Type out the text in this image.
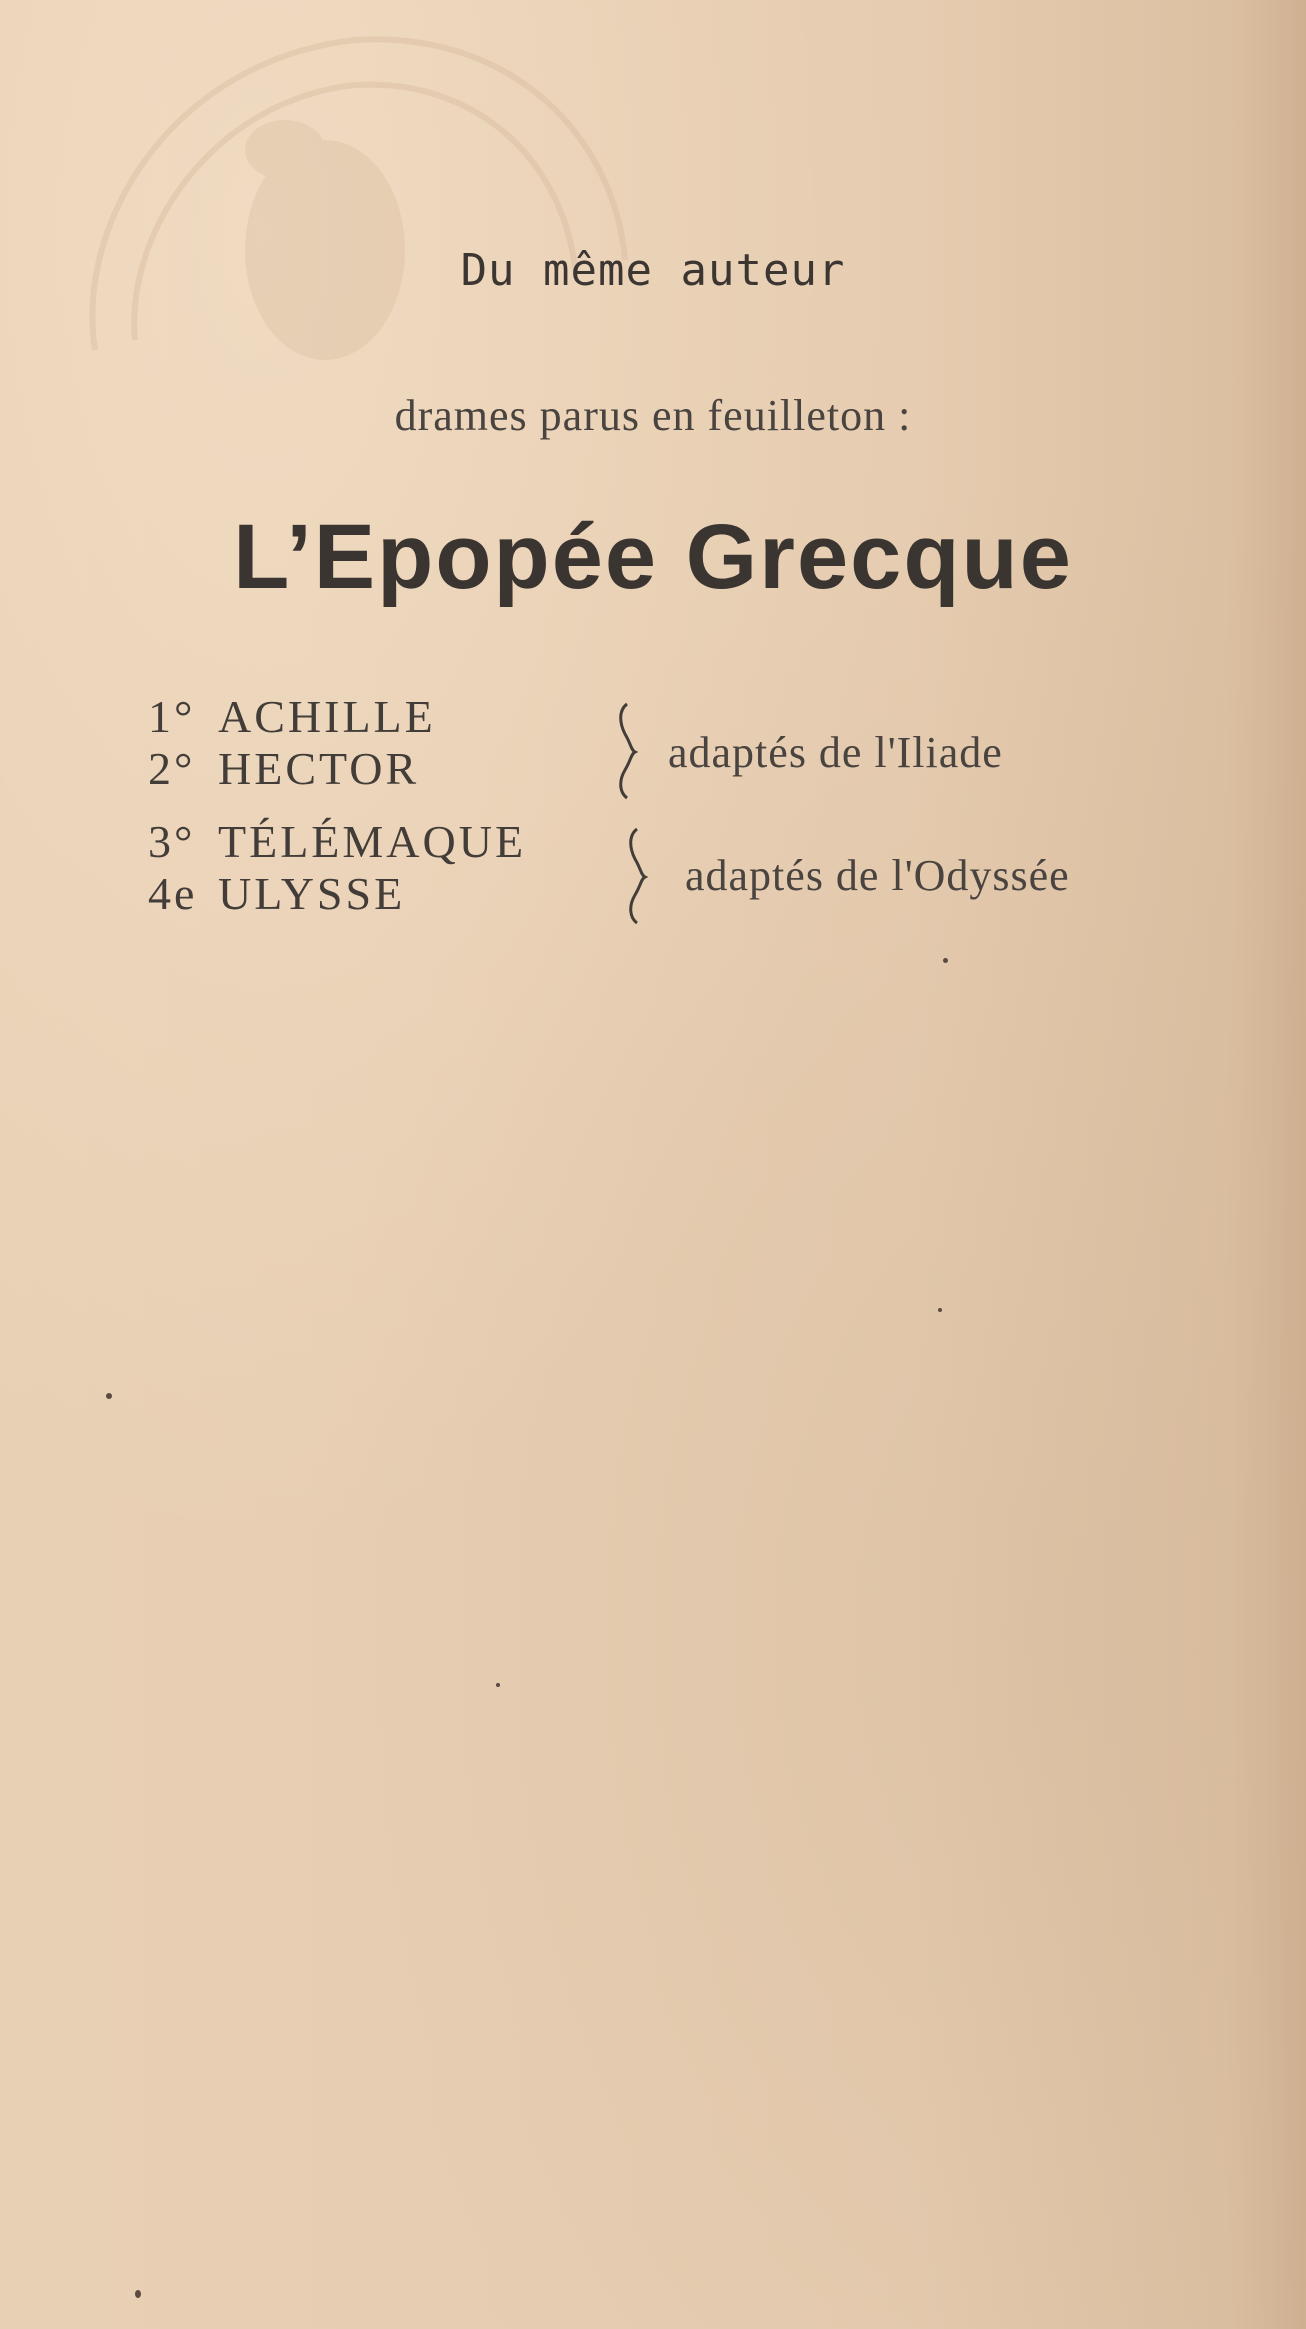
Du même auteur
drames parus en feuilleton :
L’Epopée Grecque
1° ACHILLE
2° HECTOR
3° TÉLÉMAQUE
4e ULYSSE
adaptés de l'Iliade
adaptés de l'Odyssée
